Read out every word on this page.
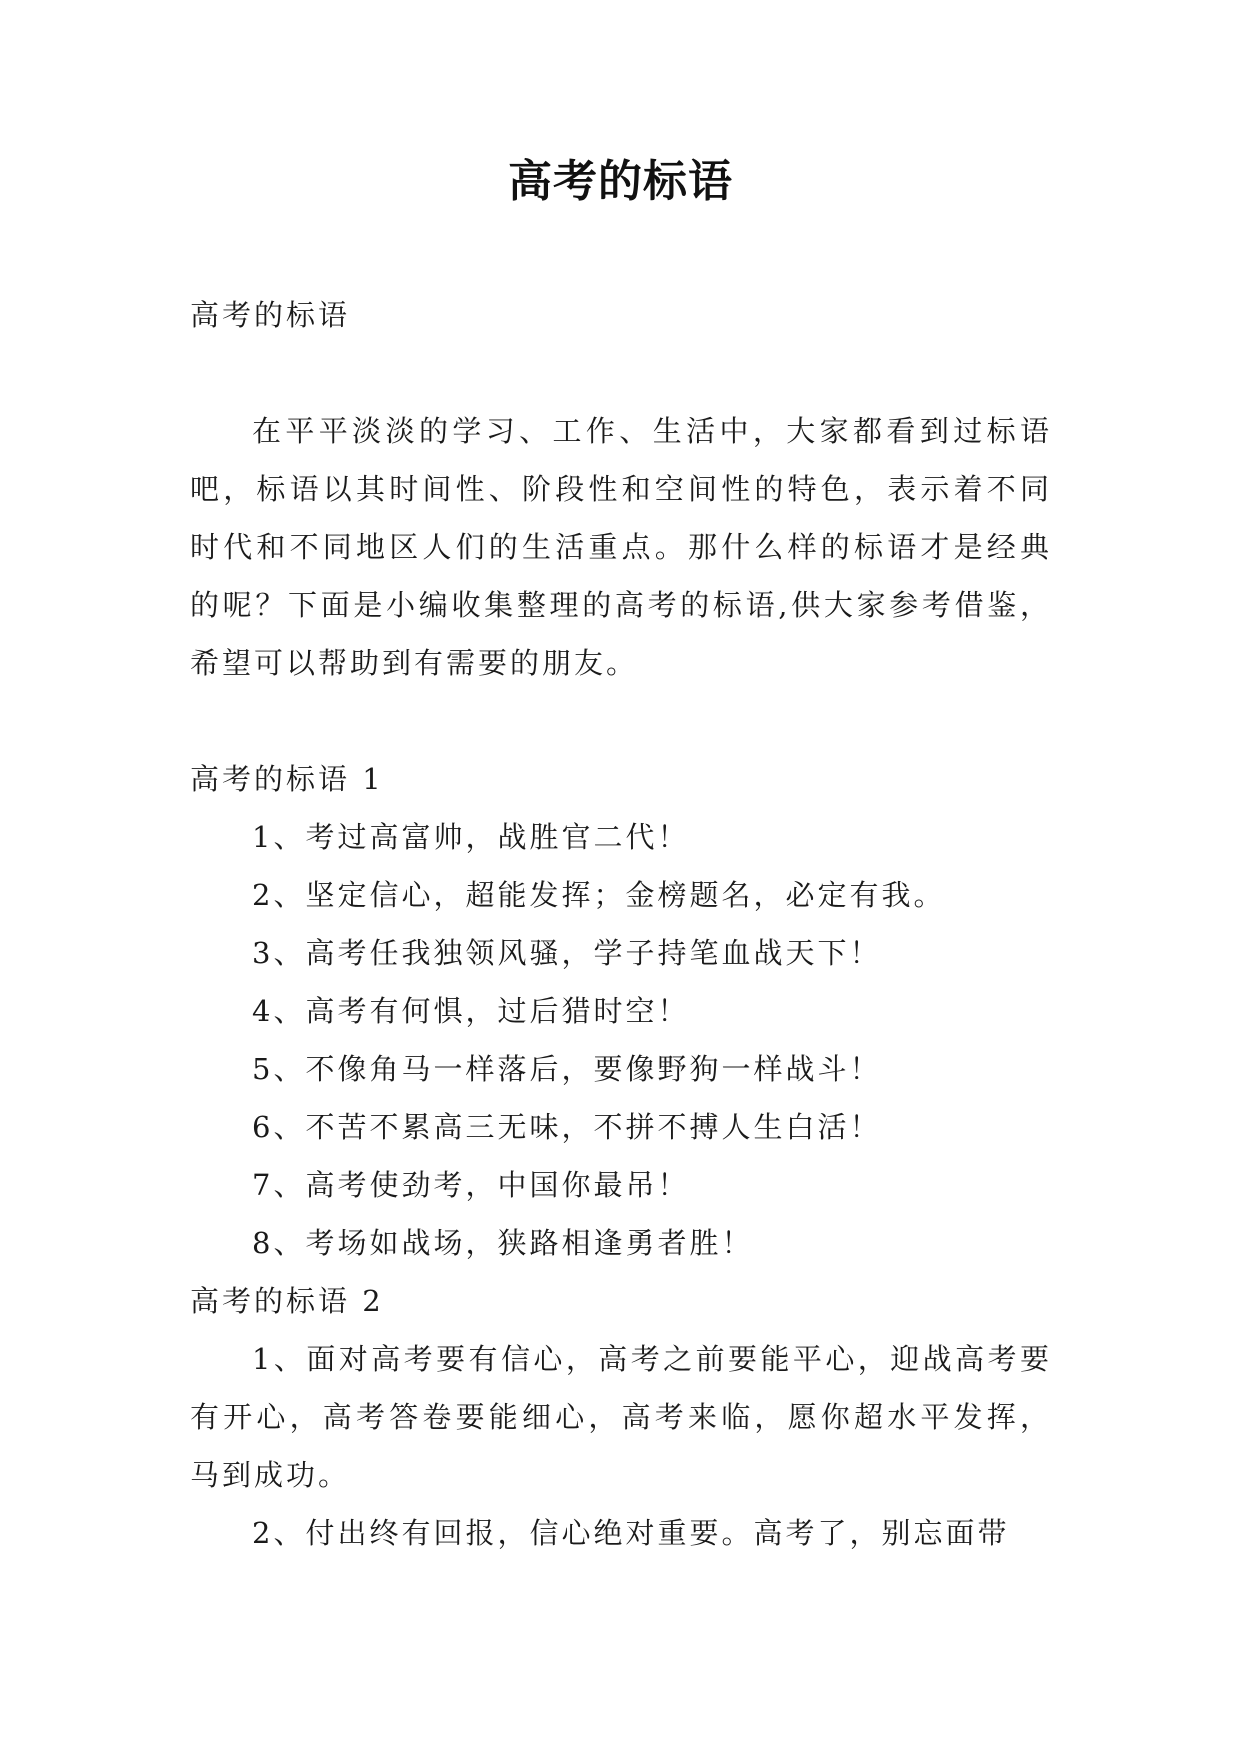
高考的标语

高考的标语

在平平淡淡的学习、工作、生活中，大家都看到过标语吧，标语以其时间性、阶段性和空间性的特色，表示着不同时代和不同地区人们的生活重点。那什么样的标语才是经典的呢？下面是小编收集整理的高考的标语,供大家参考借鉴，希望可以帮助到有需要的朋友。

高考的标语 1

1、考过高富帅，战胜官二代！

2、坚定信心，超能发挥；金榜题名，必定有我。

3、高考任我独领风骚，学子持笔血战天下！

4、高考有何惧，过后猎时空！

5、不像角马一样落后，要像野狗一样战斗！

6、不苦不累高三无味，不拼不搏人生白活！

7、高考使劲考，中国你最吊！

8、考场如战场，狭路相逢勇者胜！

高考的标语 2

1、面对高考要有信心，高考之前要能平心，迎战高考要有开心，高考答卷要能细心，高考来临，愿你超水平发挥，马到成功。

2、付出终有回报，信心绝对重要。高考了，别忘面带
